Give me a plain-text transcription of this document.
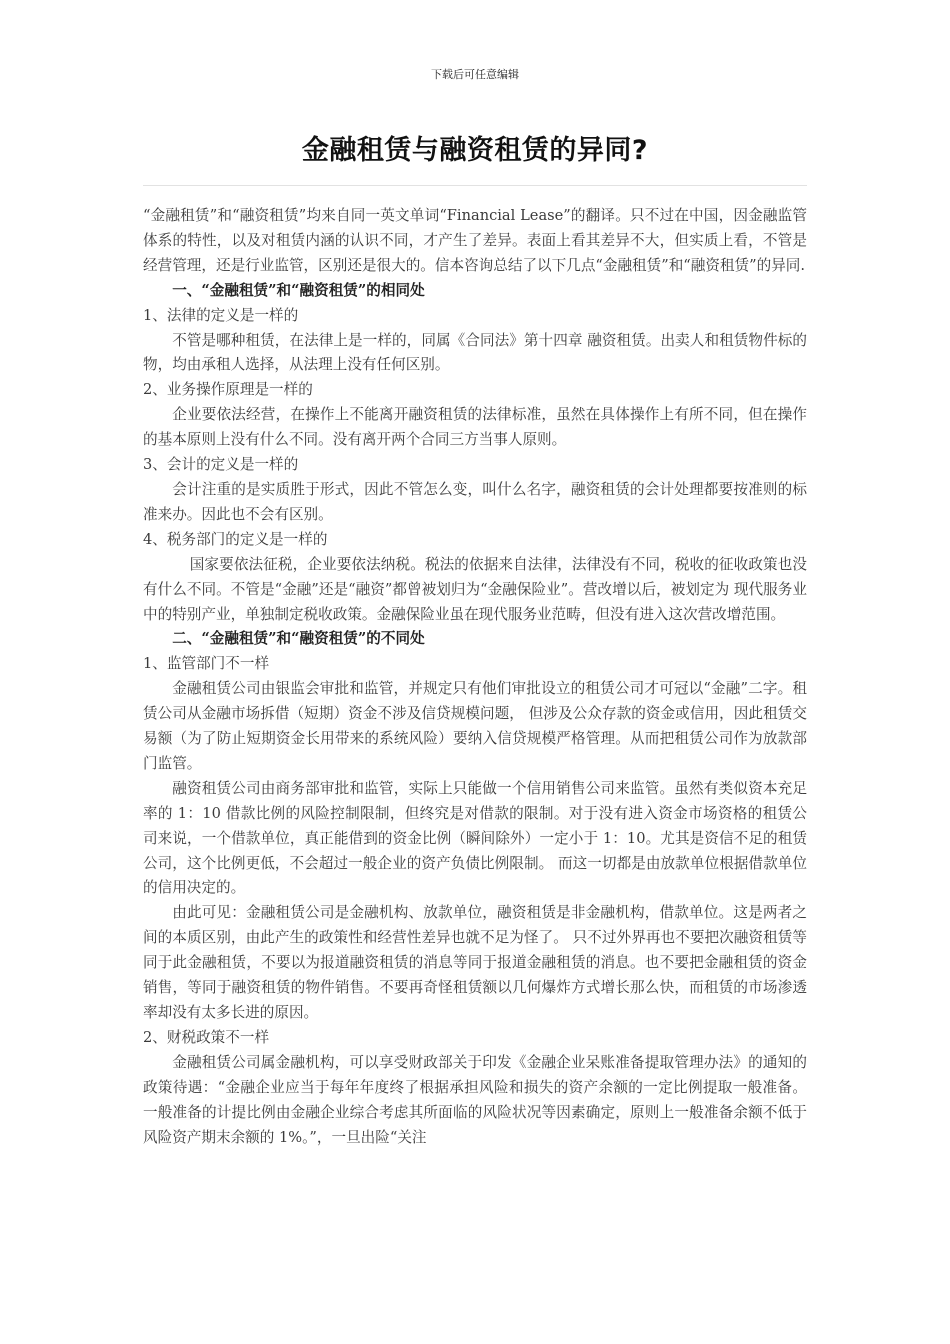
下载后可任意编辑
金融租赁与融资租赁的异同?

“金融租赁”和“融资租赁”均来自同一英文单词“Financial Lease”的翻译。只不过在中国，因金融监管体系的特性，以及对租赁内涵的认识不同，才产生了差异。表面上看其差异不大，但实质上看，不管是经营管理，还是行业监管，区别还是很大的。信本咨询总结了以下几点“金融租赁”和“融资租赁”的异同.

一、“金融租赁”和“融资租赁”的相同处

1、法律的定义是一样的

不管是哪种租赁，在法律上是一样的，同属《合同法》第十四章 融资租赁。出卖人和租赁物件标的物，均由承租人选择，从法理上没有任何区别。

2、业务操作原理是一样的

企业要依法经营，在操作上不能离开融资租赁的法律标准，虽然在具体操作上有所不同，但在操作的基本原则上没有什么不同。没有离开两个合同三方当事人原则。

3、会计的定义是一样的

会计注重的是实质胜于形式，因此不管怎么变，叫什么名字，融资租赁的会计处理都要按准则的标准来办。因此也不会有区别。

4、税务部门的定义是一样的

国家要依法征税，企业要依法纳税。税法的依据来自法律，法律没有不同，税收的征收政策也没有什么不同。不管是“金融”还是“融资”都曾被划归为“金融保险业”。营改增以后，被划定为 现代服务业中的特别产业，单独制定税收政策。金融保险业虽在现代服务业范畴，但没有进入这次营改增范围。

二、“金融租赁”和“融资租赁”的不同处

1、监管部门不一样

金融租赁公司由银监会审批和监管，并规定只有他们审批设立的租赁公司才可冠以“金融”二字。租赁公司从金融市场拆借（短期）资金不涉及信贷规模问题， 但涉及公众存款的资金或信用，因此租赁交易额（为了防止短期资金长用带来的系统风险）要纳入信贷规模严格管理。从而把租赁公司作为放款部门监管。

融资租赁公司由商务部审批和监管，实际上只能做一个信用销售公司来监管。虽然有类似资本充足率的 1：10 借款比例的风险控制限制，但终究是对借款的限制。对于没有进入资金市场资格的租赁公司来说，一个借款单位，真正能借到的资金比例（瞬间除外）一定小于 1：10。尤其是资信不足的租赁公司，这个比例更低，不会超过一般企业的资产负债比例限制。 而这一切都是由放款单位根据借款单位的信用决定的。

由此可见：金融租赁公司是金融机构、放款单位，融资租赁是非金融机构，借款单位。这是两者之间的本质区别，由此产生的政策性和经营性差异也就不足为怪了。 只不过外界再也不要把次融资租赁等同于此金融租赁，不要以为报道融资租赁的消息等同于报道金融租赁的消息。也不要把金融租赁的资金销售，等同于融资租赁的物件销售。不要再奇怪租赁额以几何爆炸方式增长那么快，而租赁的市场渗透率却没有太多长进的原因。

2、财税政策不一样

金融租赁公司属金融机构，可以享受财政部关于印发《金融企业呆账准备提取管理办法》的通知的政策待遇：“金融企业应当于每年年度终了根据承担风险和损失的资产余额的一定比例提取一般准备。一般准备的计提比例由金融企业综合考虑其所面临的风险状况等因素确定，原则上一般准备余额不低于风险资产期末余额的 1%。”，一旦出险“关注
